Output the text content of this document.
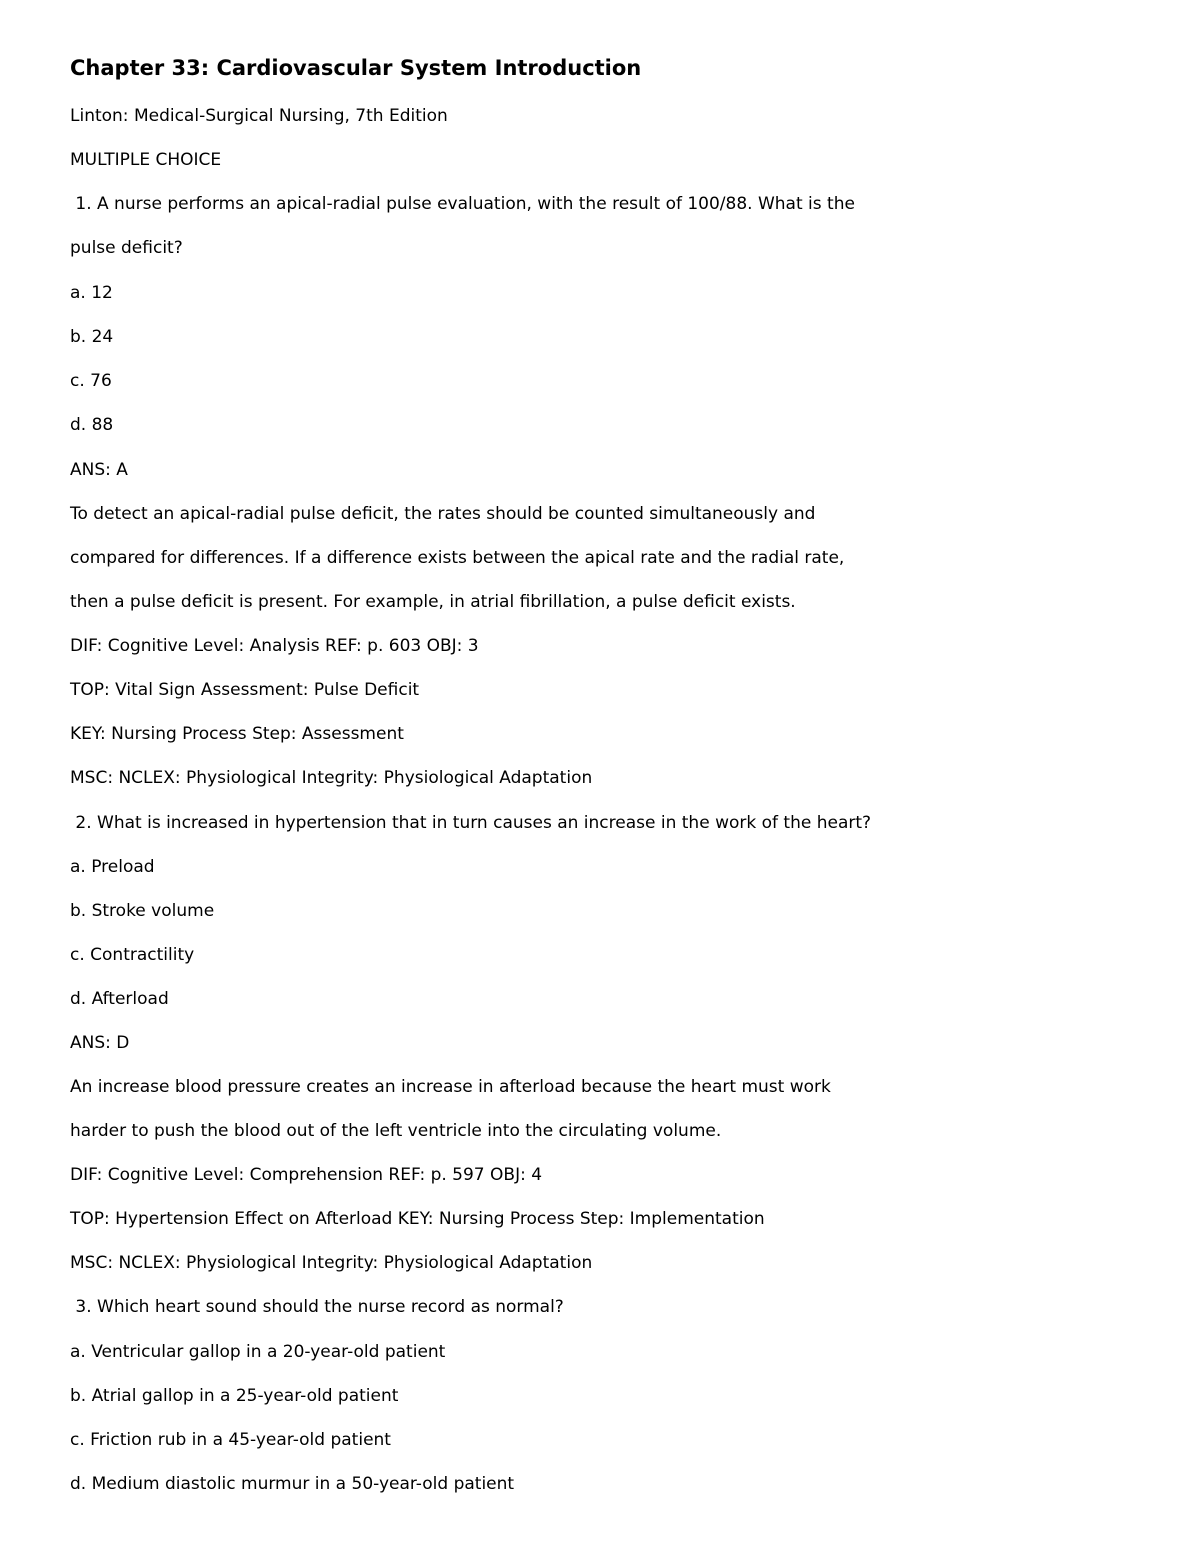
Chapter 33: Cardiovascular System Introduction
Linton: Medical-Surgical Nursing, 7th Edition
MULTIPLE CHOICE
1. A nurse performs an apical-radial pulse evaluation, with the result of 100/88. What is the
pulse deficit?
a. 12
b. 24
c. 76
d. 88
ANS: A
To detect an apical-radial pulse deficit, the rates should be counted simultaneously and
compared for differences. If a difference exists between the apical rate and the radial rate,
then a pulse deficit is present. For example, in atrial fibrillation, a pulse deficit exists.
DIF: Cognitive Level: Analysis REF: p. 603 OBJ: 3
TOP: Vital Sign Assessment: Pulse Deficit
KEY: Nursing Process Step: Assessment
MSC: NCLEX: Physiological Integrity: Physiological Adaptation
2. What is increased in hypertension that in turn causes an increase in the work of the heart?
a. Preload
b. Stroke volume
c. Contractility
d. Afterload
ANS: D
An increase blood pressure creates an increase in afterload because the heart must work
harder to push the blood out of the left ventricle into the circulating volume.
DIF: Cognitive Level: Comprehension REF: p. 597 OBJ: 4
TOP: Hypertension Effect on Afterload KEY: Nursing Process Step: Implementation
MSC: NCLEX: Physiological Integrity: Physiological Adaptation
3. Which heart sound should the nurse record as normal?
a. Ventricular gallop in a 20-year-old patient
b. Atrial gallop in a 25-year-old patient
c. Friction rub in a 45-year-old patient
d. Medium diastolic murmur in a 50-year-old patient
